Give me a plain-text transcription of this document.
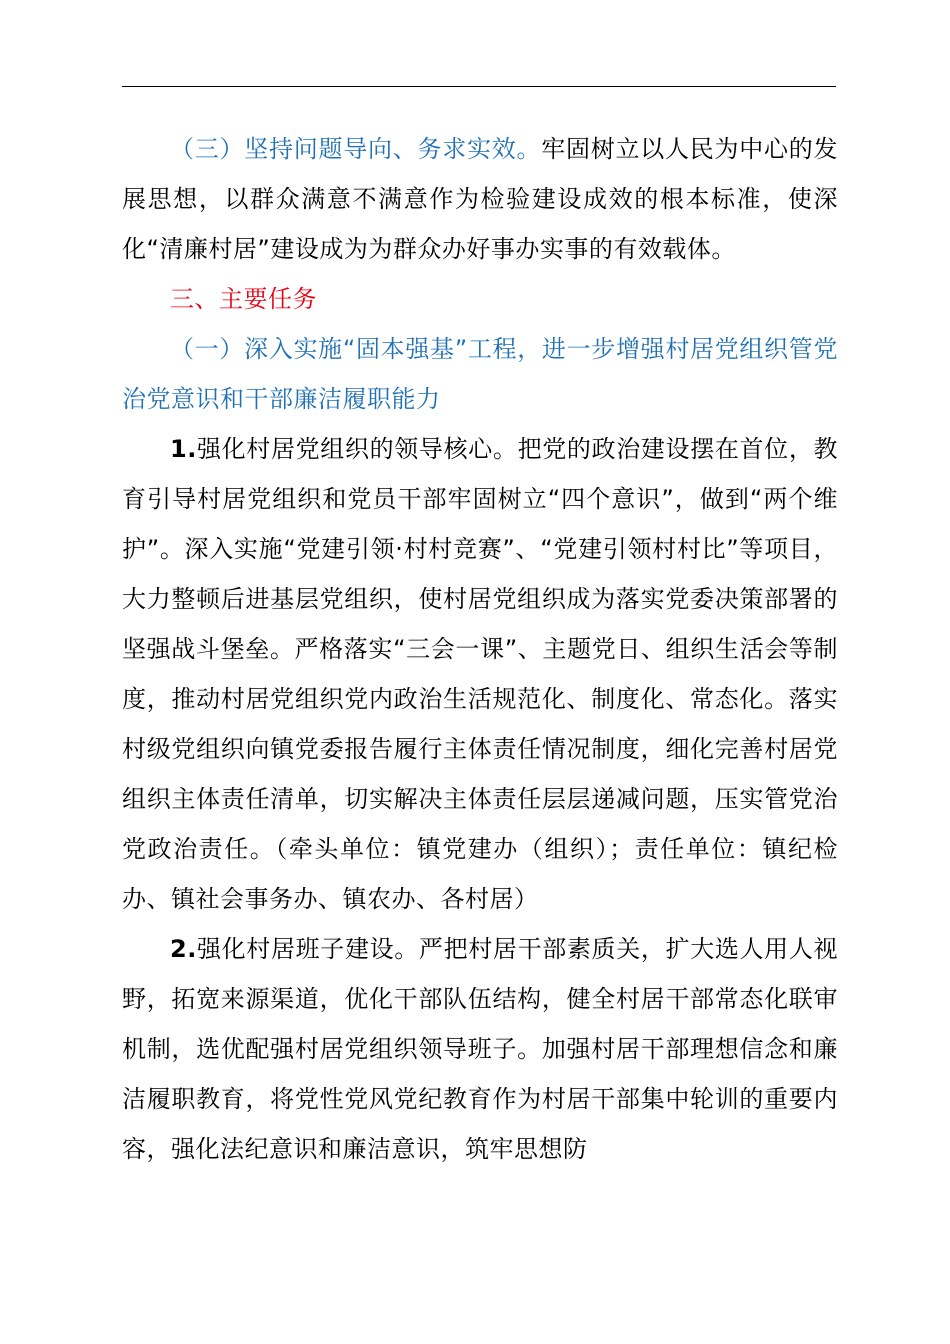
（三）坚持问题导向、务求实效。牢固树立以人民为中心的发展思想，以群众满意不满意作为检验建设成效的根本标准，使深化“清廉村居”建设成为为群众办好事办实事的有效载体。

三、主要任务

（一）深入实施“固本强基”工程，进一步增强村居党组织管党治党意识和干部廉洁履职能力

1.强化村居党组织的领导核心。把党的政治建设摆在首位，教育引导村居党组织和党员干部牢固树立“四个意识”，做到“两个维护”。深入实施“党建引领·村村竞赛”、“党建引领村村比”等项目，大力整顿后进基层党组织，使村居党组织成为落实党委决策部署的坚强战斗堡垒。严格落实“三会一课”、主题党日、组织生活会等制度，推动村居党组织党内政治生活规范化、制度化、常态化。落实村级党组织向镇党委报告履行主体责任情况制度，细化完善村居党组织主体责任清单，切实解决主体责任层层递减问题，压实管党治党政治责任。（牵头单位：镇党建办（组织）；责任单位：镇纪检办、镇社会事务办、镇农办、各村居）

2.强化村居班子建设。严把村居干部素质关，扩大选人用人视野，拓宽来源渠道，优化干部队伍结构，健全村居干部常态化联审机制，选优配强村居党组织领导班子。加强村居干部理想信念和廉洁履职教育，将党性党风党纪教育作为村居干部集中轮训的重要内容，强化法纪意识和廉洁意识，筑牢思想防
